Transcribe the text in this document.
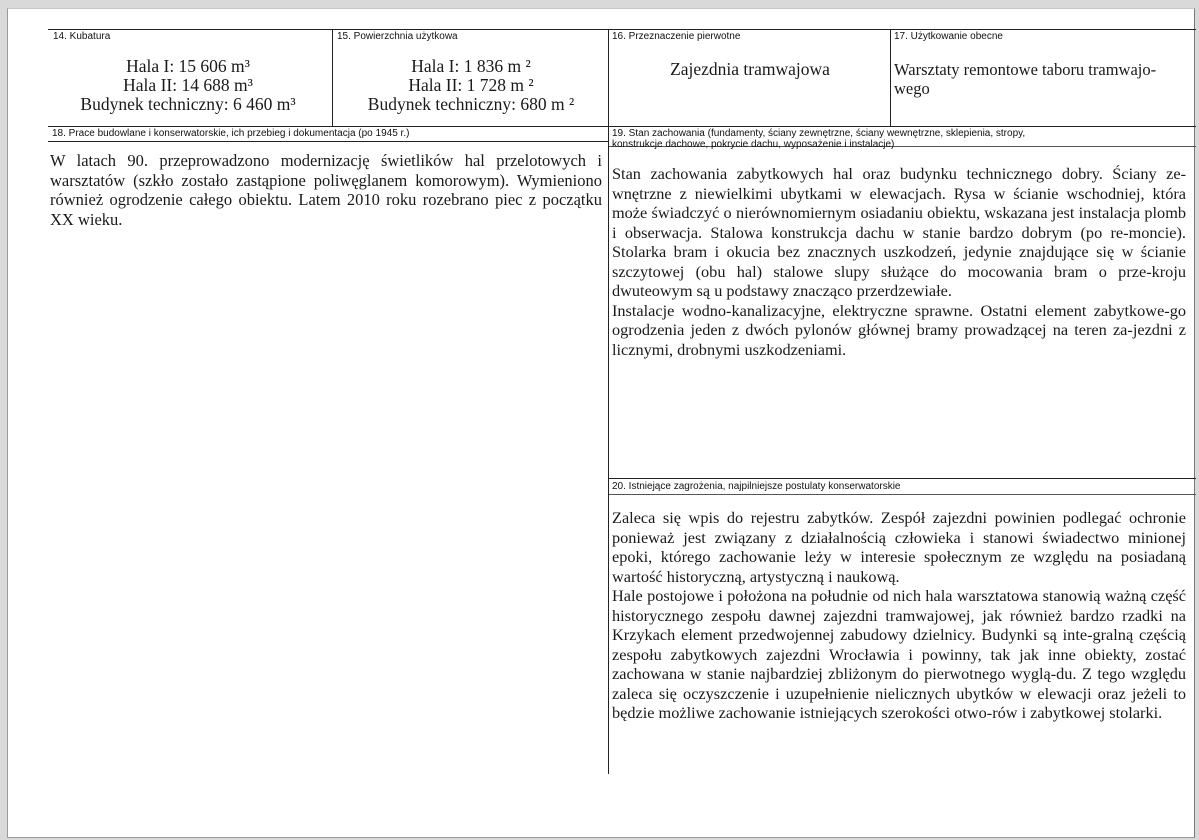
14. Kubatura
Hala I: 15 606 m³
Hala II: 14 688 m³
Budynek techniczny: 6 460 m³
15. Powierzchnia użytkowa
Hala I: 1 836 m ²
Hala II: 1 728 m ²
Budynek techniczny: 680 m ²
16. Przeznaczenie pierwotne
Zajezdnia tramwajowa
17. Użytkowanie obecne
Warsztaty remontowe taboru tramwajo-wego
18. Prace budowlane i konserwatorskie, ich przebieg i dokumentacja (po 1945 r.)
W latach 90. przeprowadzono modernizację świetlików hal przelotowych i warsztatów (szkło zostało zastąpione poliwęglanem komorowym). Wymieniono również ogrodzenie całego obiektu. Latem 2010 roku rozebrano piec z początku XX wieku.
19. Stan zachowania (fundamenty, ściany zewnętrzne, ściany wewnętrzne, sklepienia, stropy,
konstrukcje dachowe, pokrycie dachu, wyposażenie i instalacje)
Stan zachowania zabytkowych hal oraz budynku technicznego dobry. Ściany ze-wnętrzne z niewielkimi ubytkami w elewacjach. Rysa w ścianie wschodniej, która może świadczyć o nierównomiernym osiadaniu obiektu, wskazana jest instalacja plomb i obserwacja. Stalowa konstrukcja dachu w stanie bardzo dobrym (po re-moncie). Stolarka bram i okucia bez znacznych uszkodzeń, jedynie znajdujące się w ścianie szczytowej (obu hal) stalowe slupy służące do mocowania bram o prze-kroju dwuteowym są u podstawy znacząco przerdzewiałe.
Instalacje wodno-kanalizacyjne, elektryczne sprawne. Ostatni element zabytkowe-go ogrodzenia jeden z dwóch pylonów głównej bramy prowadzącej na teren za-jezdni z licznymi, drobnymi uszkodzeniami.
20. Istniejące zagrożenia, najpilniejsze postulaty konserwatorskie
Zaleca się wpis do rejestru zabytków. Zespół zajezdni powinien podlegać ochronie ponieważ jest związany z działalnością człowieka i stanowi świadectwo minionej epoki, którego zachowanie leży w interesie społecznym ze względu na posiadaną wartość historyczną, artystyczną i naukową.
Hale postojowe i położona na południe od nich hala warsztatowa stanowią ważną część historycznego zespołu dawnej zajezdni tramwajowej, jak również bardzo rzadki na Krzykach element przedwojennej zabudowy dzielnicy. Budynki są inte-gralną częścią zespołu zabytkowych zajezdni Wrocławia i powinny, tak jak inne obiekty, zostać zachowana w stanie najbardziej zbliżonym do pierwotnego wyglą-du. Z tego względu zaleca się oczyszczenie i uzupełnienie nielicznych ubytków w elewacji oraz jeżeli to będzie możliwe zachowanie istniejących szerokości otwo-rów i zabytkowej stolarki.
